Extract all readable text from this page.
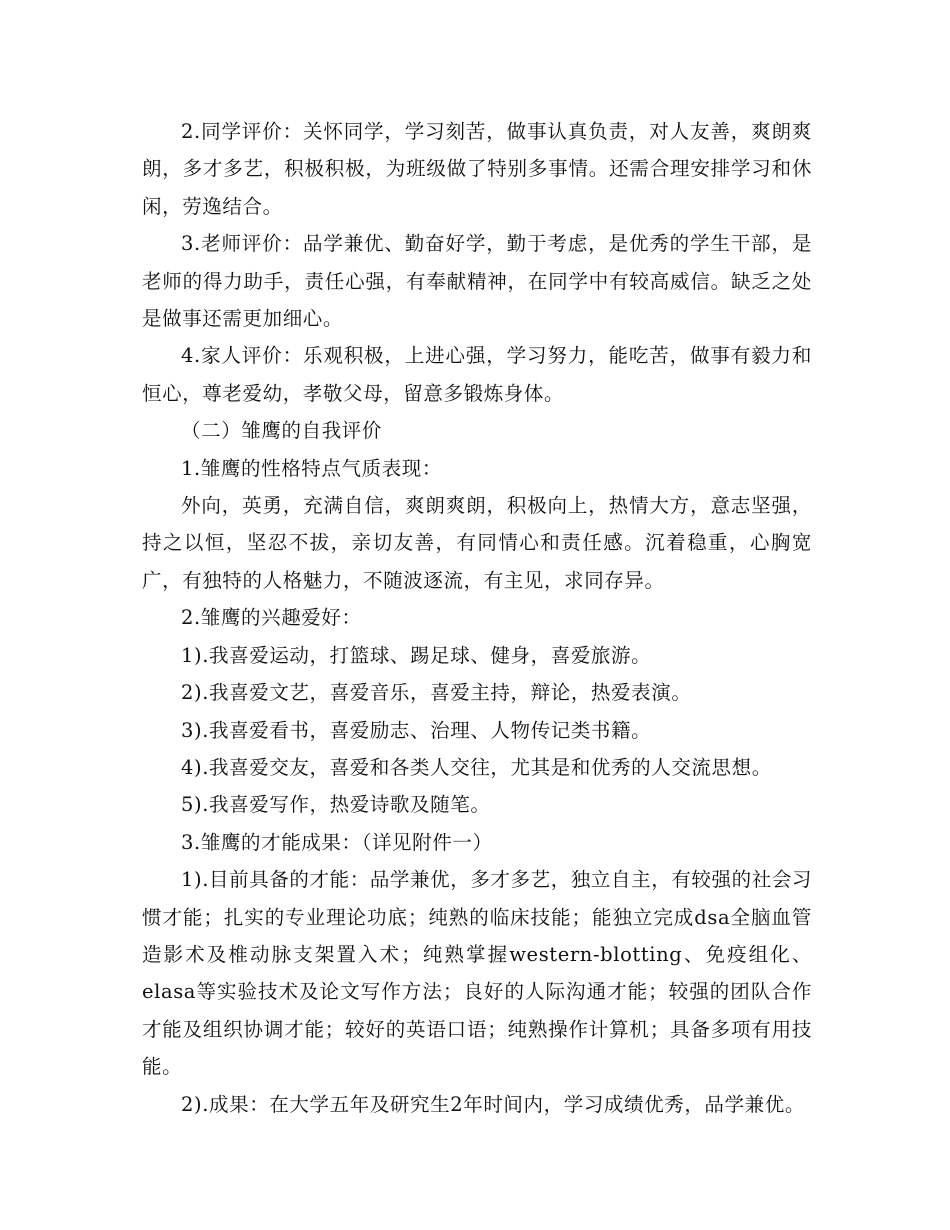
2.同学评价：关怀同学，学习刻苦，做事认真负责，对人友善，爽朗爽朗，多才多艺，积极积极，为班级做了特别多事情。还需合理安排学习和休闲，劳逸结合。

3.老师评价：品学兼优、勤奋好学，勤于考虑，是优秀的学生干部，是老师的得力助手，责任心强，有奉献精神，在同学中有较高威信。缺乏之处是做事还需更加细心。

4.家人评价：乐观积极，上进心强，学习努力，能吃苦，做事有毅力和恒心，尊老爱幼，孝敬父母，留意多锻炼身体。

（二）雏鹰的自我评价

1.雏鹰的性格特点气质表现：

外向，英勇，充满自信，爽朗爽朗，积极向上，热情大方，意志坚强，持之以恒，坚忍不拔，亲切友善，有同情心和责任感。沉着稳重，心胸宽广，有独特的人格魅力，不随波逐流，有主见，求同存异。

2.雏鹰的兴趣爱好：

1).我喜爱运动，打篮球、踢足球、健身，喜爱旅游。

2).我喜爱文艺，喜爱音乐，喜爱主持，辩论，热爱表演。

3).我喜爱看书，喜爱励志、治理、人物传记类书籍。

4).我喜爱交友，喜爱和各类人交往，尤其是和优秀的人交流思想。

5).我喜爱写作，热爱诗歌及随笔。

3.雏鹰的才能成果：（详见附件一）

1).目前具备的才能：品学兼优，多才多艺，独立自主，有较强的社会习惯才能；扎实的专业理论功底；纯熟的临床技能；能独立完成dsa全脑血管造影术及椎动脉支架置入术；纯熟掌握western-blotting、免疫组化、elasa等实验技术及论文写作方法；良好的人际沟通才能；较强的团队合作才能及组织协调才能；较好的英语口语；纯熟操作计算机；具备多项有用技能。

2).成果：在大学五年及研究生2年时间内，学习成绩优秀，品学兼优。
